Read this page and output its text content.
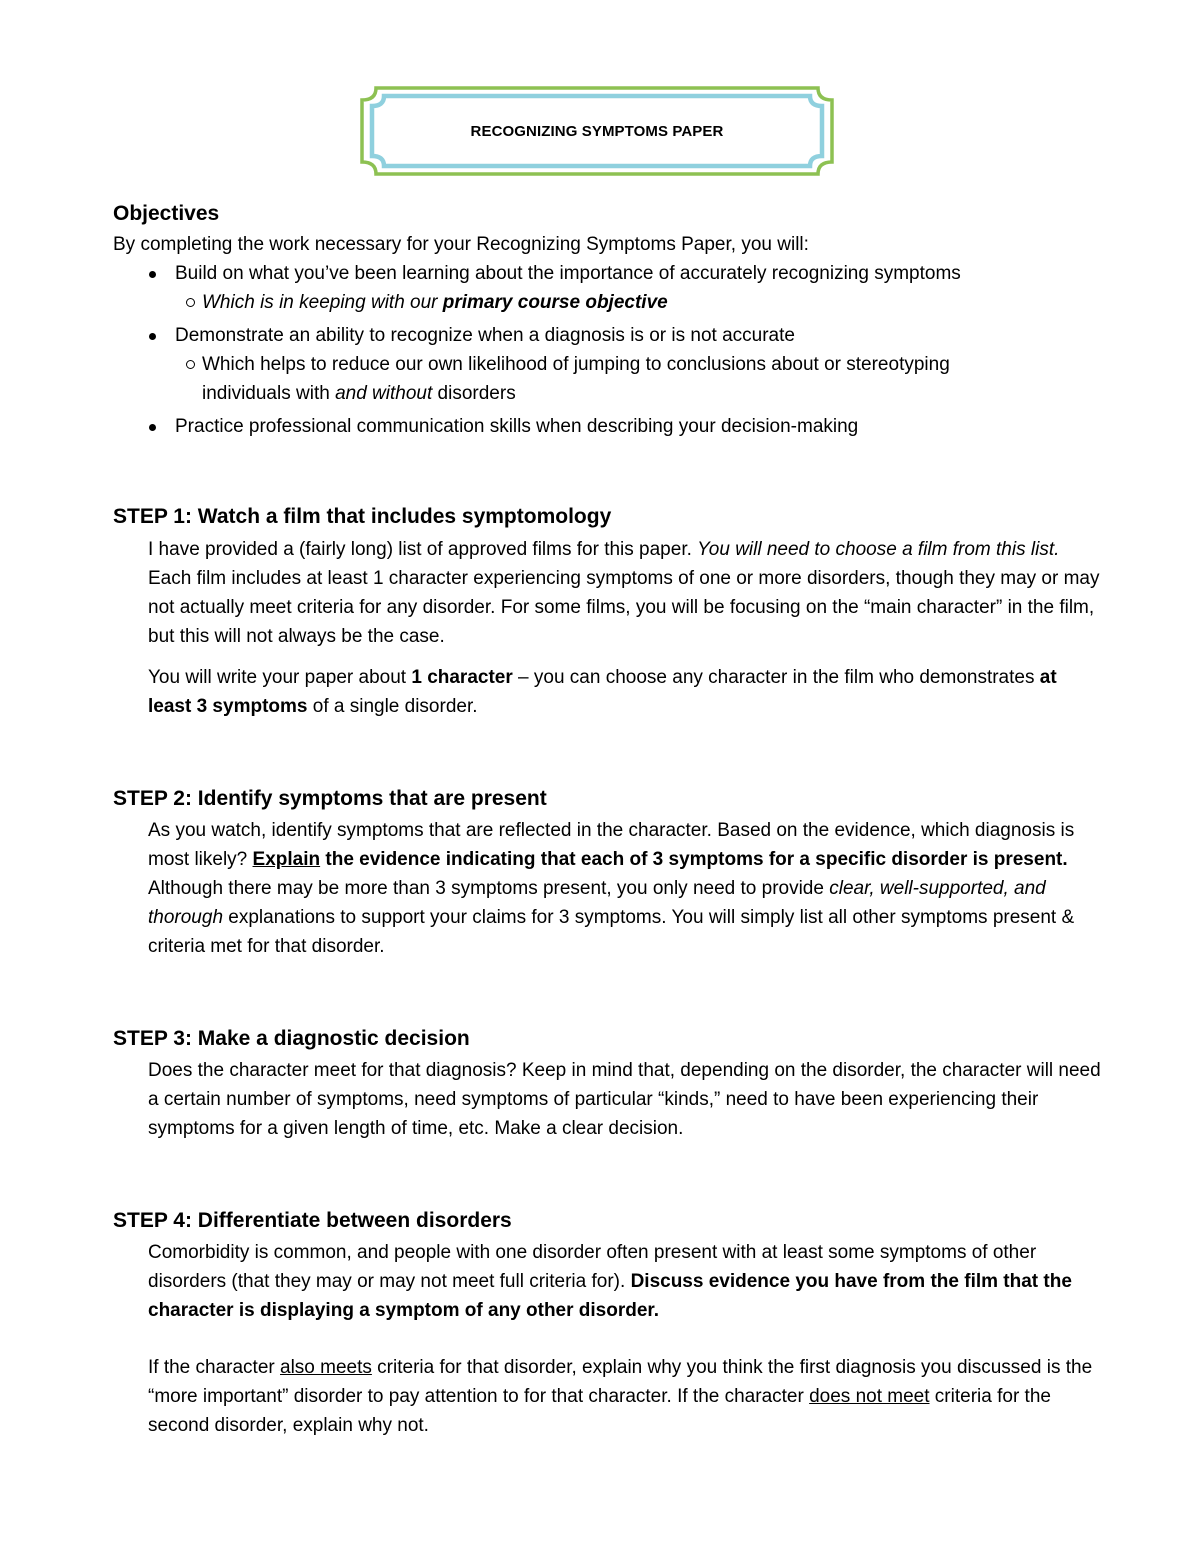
RECOGNIZING SYMPTOMS PAPER
Objectives

By completing the work necessary for your Recognizing Symptoms Paper, you will:

Build on what you’ve been learning about the importance of accurately recognizing symptoms
Which is in keeping with our primary course objective
Demonstrate an ability to recognize when a diagnosis is or is not accurate
Which helps to reduce our own likelihood of jumping to conclusions about or stereotyping
individuals with and without disorders
Practice professional communication skills when describing your decision-making
STEP 1: Watch a film that includes symptomology

I have provided a (fairly long) list of approved films for this paper. You will need to choose a film from this list. Each film includes at least 1 character experiencing symptoms of one or more disorders, though they may or may not actually meet criteria for any disorder. For some films, you will be focusing on the “main character” in the film, but this will not always be the case.

You will write your paper about 1 character – you can choose any character in the film who demonstrates at least 3 symptoms of a single disorder.

STEP 2: Identify symptoms that are present

As you watch, identify symptoms that are reflected in the character. Based on the evidence, which diagnosis is most likely? Explain the evidence indicating that each of 3 symptoms for a specific disorder is present. Although there may be more than 3 symptoms present, you only need to provide clear, well-supported, and thorough explanations to support your claims for 3 symptoms. You will simply list all other symptoms present & criteria met for that disorder.

STEP 3: Make a diagnostic decision

Does the character meet for that diagnosis? Keep in mind that, depending on the disorder, the character will need a certain number of symptoms, need symptoms of particular “kinds,” need to have been experiencing their symptoms for a given length of time, etc. Make a clear decision.

STEP 4: Differentiate between disorders

Comorbidity is common, and people with one disorder often present with at least some symptoms of other disorders (that they may or may not meet full criteria for). Discuss evidence you have from the film that the character is displaying a symptom of any other disorder.

If the character also meets criteria for that disorder, explain why you think the first diagnosis you discussed is the “more important” disorder to pay attention to for that character. If the character does not meet criteria for the second disorder, explain why not.
